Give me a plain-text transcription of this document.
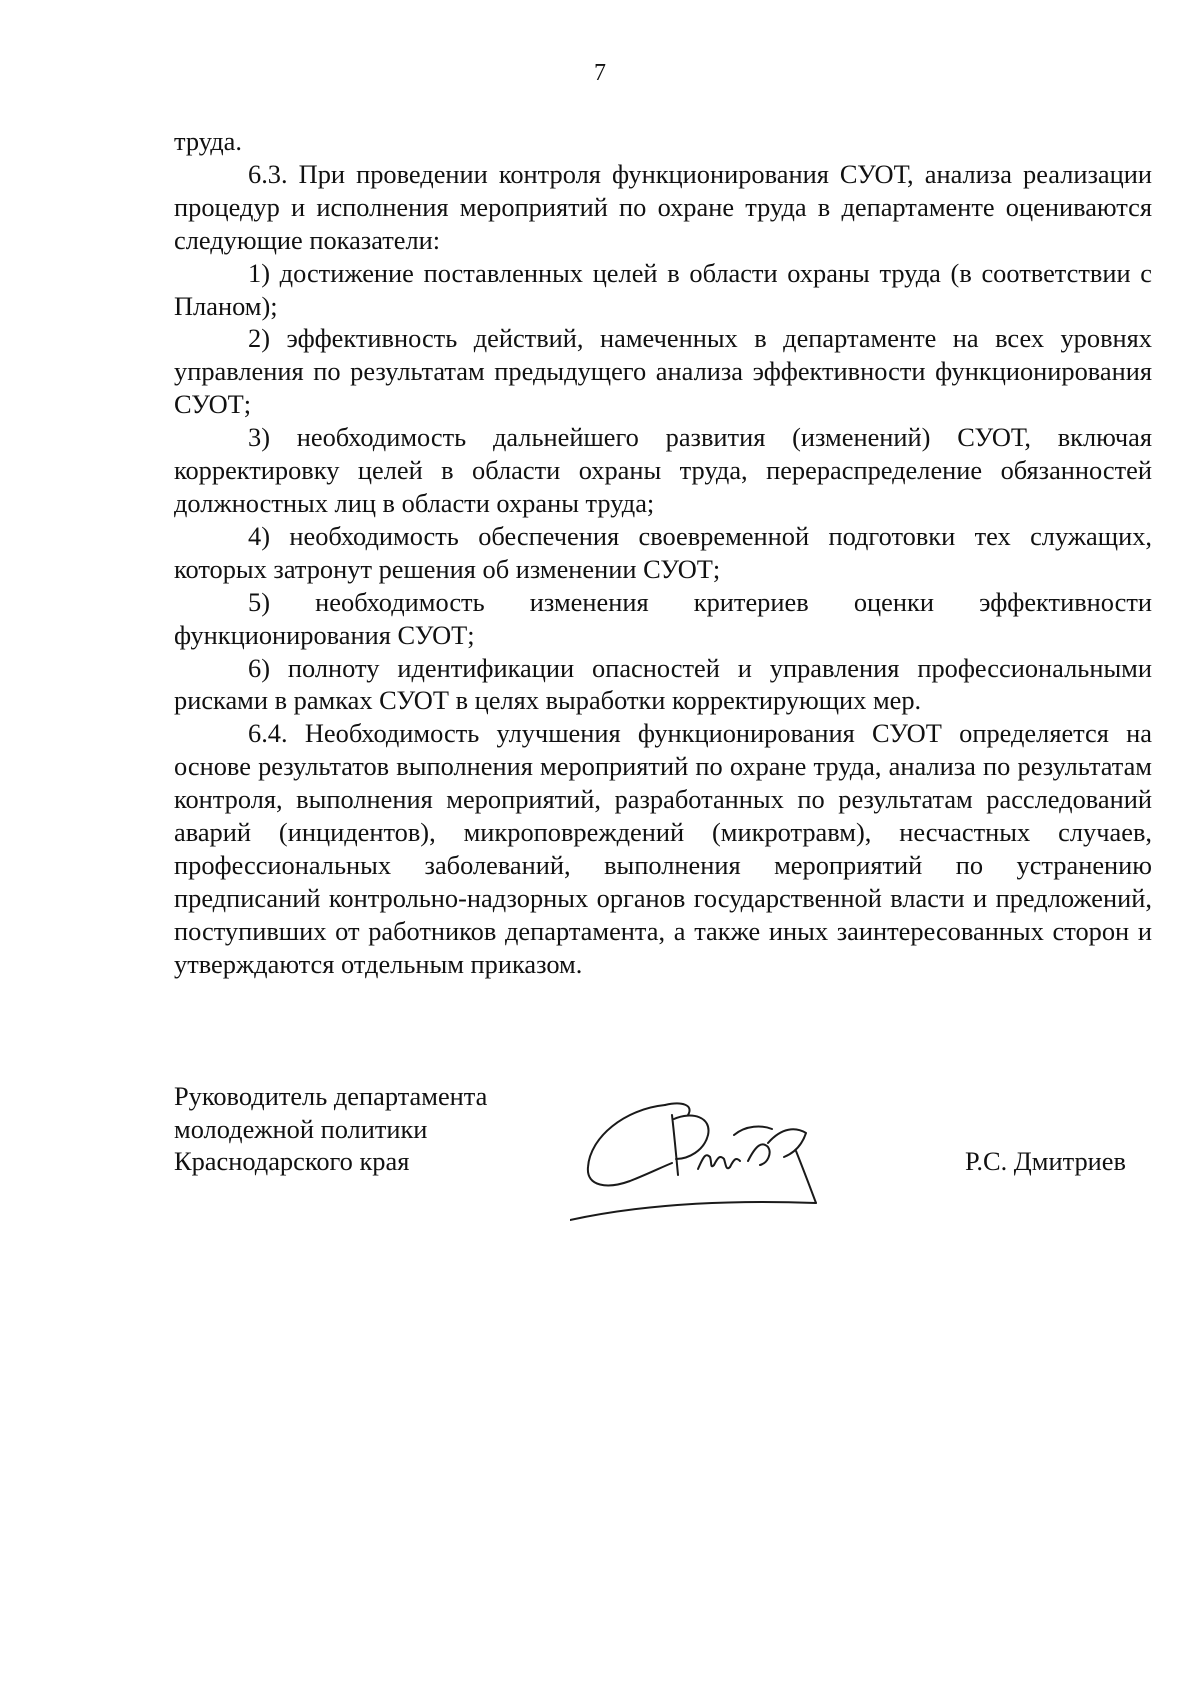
7

труда.

6.3. При проведении контроля функционирования СУОТ, анализа реализации процедур и исполнения мероприятий по охране труда в департаменте оцениваются следующие показатели:

1) достижение поставленных целей в области охраны труда (в соответствии с Планом);

2) эффективность действий, намеченных в департаменте на всех уровнях управления по результатам предыдущего анализа эффективности функционирования СУОТ;

3) необходимость дальнейшего развития (изменений) СУОТ, включая корректировку целей в области охраны труда, перераспределение обязанностей должностных лиц в области охраны труда;

4) необходимость обеспечения своевременной подготовки тех служащих, которых затронут решения об изменении СУОТ;

5) необходимость изменения критериев оценки эффективности функционирования СУОТ;

6) полноту идентификации опасностей и управления профессиональными рисками в рамках СУОТ в целях выработки корректирующих мер.

6.4. Необходимость улучшения функционирования СУОТ определяется на основе результатов выполнения мероприятий по охране труда, анализа по результатам контроля, выполнения мероприятий, разработанных по результатам расследований аварий (инцидентов), микроповреждений (микротравм), несчастных случаев, профессиональных заболеваний, выполнения мероприятий по устранению предписаний контрольно-надзорных органов государственной власти и предложений, поступивших от работников департамента, а также иных заинтересованных сторон и утверждаются отдельным приказом.

Руководитель департамента
молодежной политики
Краснодарского края	Р.С. Дмитриев
